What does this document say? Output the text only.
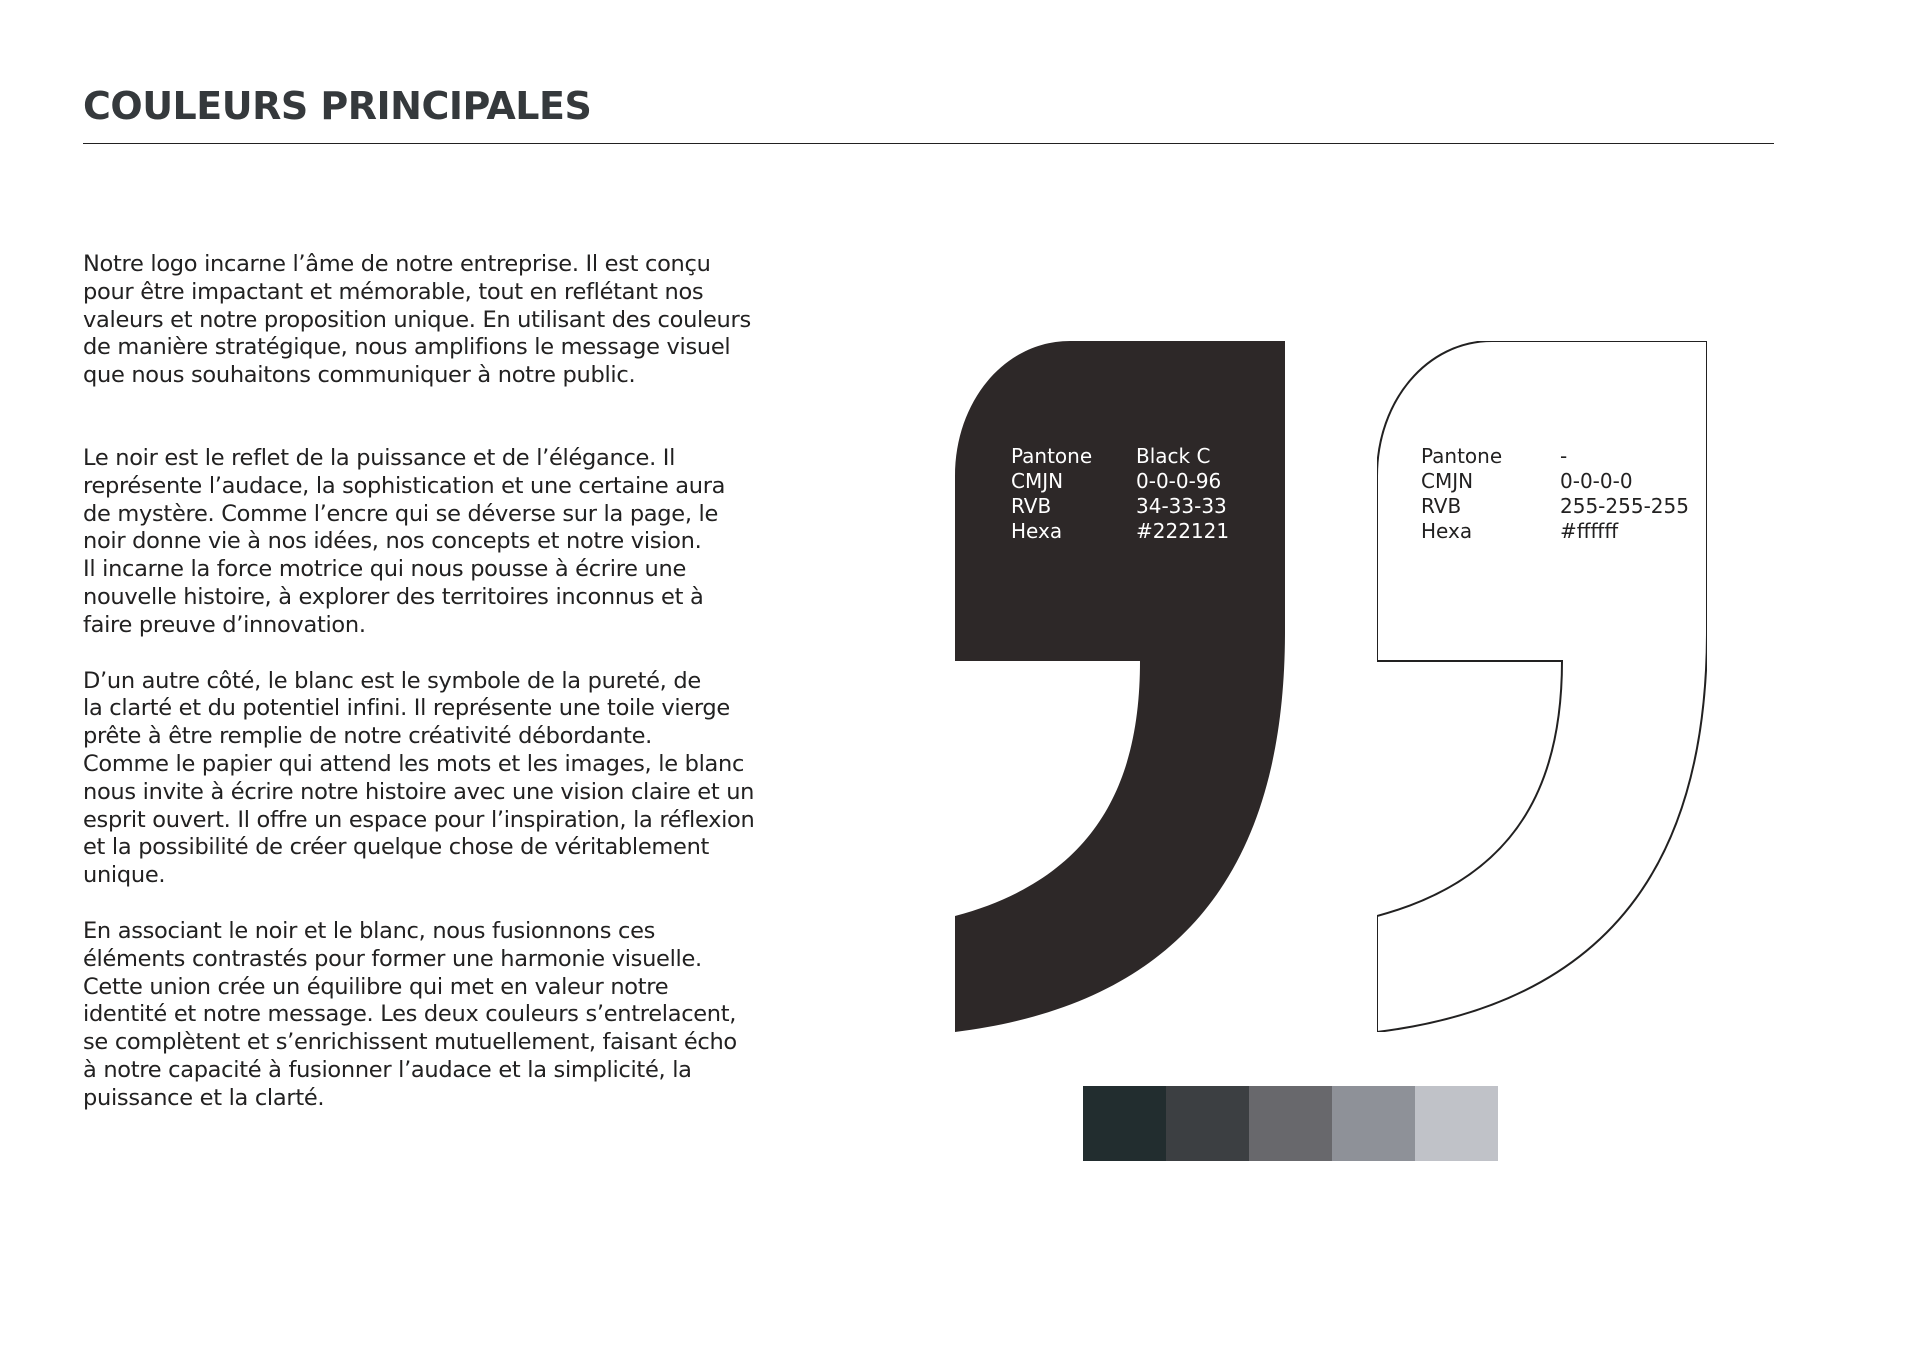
COULEURS PRINCIPALES

Notre logo incarne l’âme de notre entreprise. Il est conçu
pour être impactant et mémorable, tout en reflétant nos
valeurs et notre proposition unique. En utilisant des couleurs
de manière stratégique, nous amplifions le message visuel
que nous souhaitons communiquer à notre public.

Le noir est le reflet de la puissance et de l’élégance. Il
représente l’audace, la sophistication et une certaine aura
de mystère. Comme l’encre qui se déverse sur la page, le
noir donne vie à nos idées, nos concepts et notre vision.
Il incarne la force motrice qui nous pousse à écrire une
nouvelle histoire, à explorer des territoires inconnus et à
faire preuve d’innovation.

D’un autre côté, le blanc est le symbole de la pureté, de
la clarté et du potentiel infini. Il représente une toile vierge
prête à être remplie de notre créativité débordante.
Comme le papier qui attend les mots et les images, le blanc
nous invite à écrire notre histoire avec une vision claire et un
esprit ouvert. Il offre un espace pour l’inspiration, la réflexion
et la possibilité de créer quelque chose de véritablement
unique.

En associant le noir et le blanc, nous fusionnons ces
éléments contrastés pour former une harmonie visuelle.
Cette union crée un équilibre qui met en valeur notre
identité et notre message. Les deux couleurs s’entrelacent,
se complètent et s’enrichissent mutuellement, faisant écho
à notre capacité à fusionner l’audace et la simplicité, la
puissance et la clarté.

Pantone	Black C
CMJN	0-0-0-96
RVB	34-33-33
Hexa	#222121
Pantone	-
CMJN	0-0-0-0
RVB	255-255-255
Hexa	#ffffff
